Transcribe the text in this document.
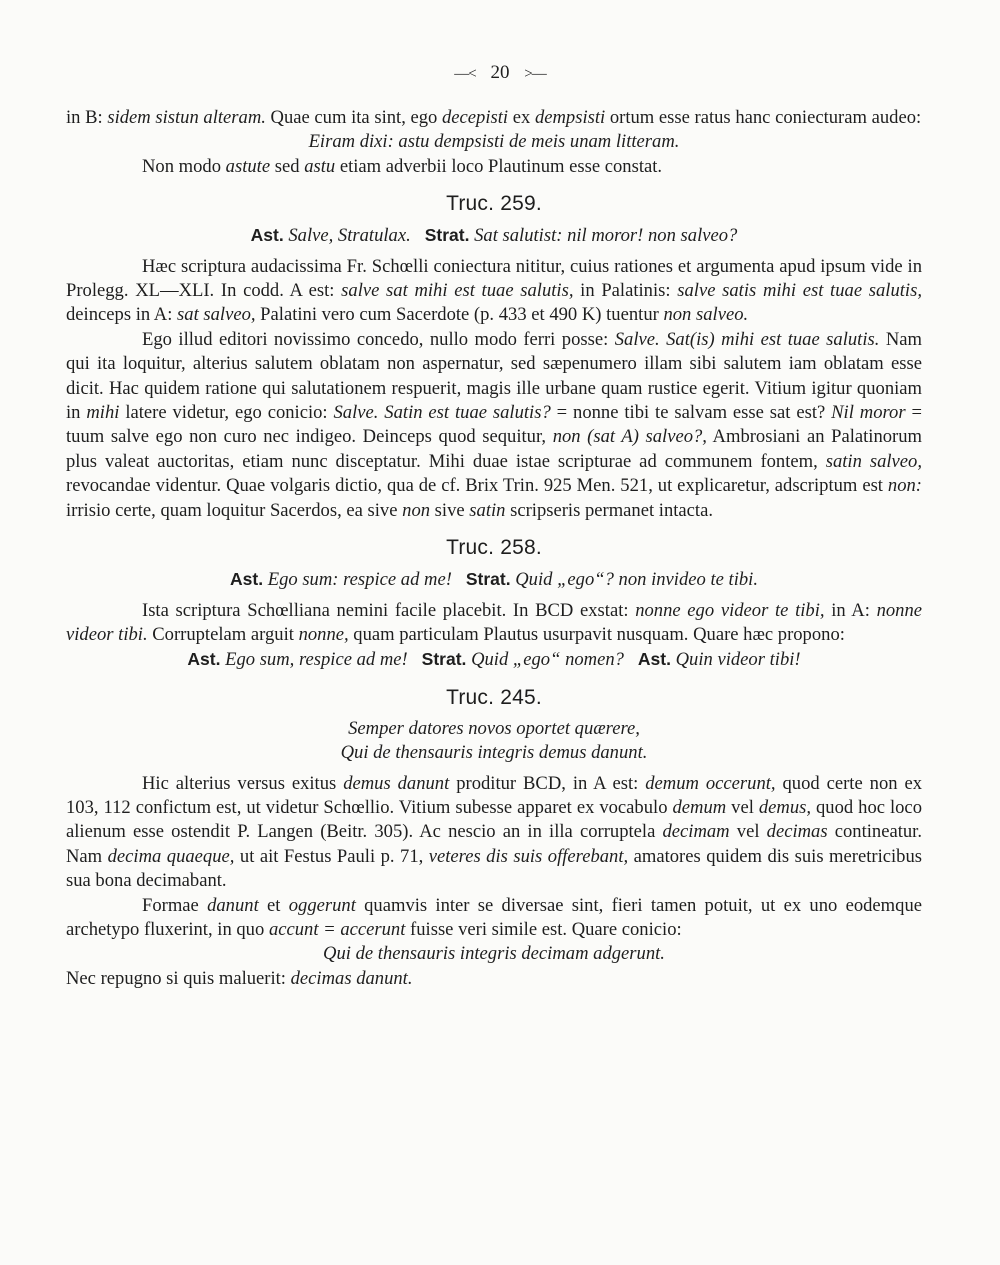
—< 20 >—

in B: sidem sistun alteram. Quae cum ita sint, ego decepisti ex dempsisti ortum esse ratus hanc coniecturam audeo:

Eiram dixi: astu dempsisti de meis unam litteram.

Non modo astute sed astu etiam adverbii loco Plautinum esse constat.

Truc. 259.

Ast. Salve, Stratulax. Strat. Sat salutist: nil moror! non salveo?

Hæc scriptura audacissima Fr. Schœlli coniectura nititur, cuius rationes et argumenta apud ipsum vide in Prolegg. XL—XLI. In codd. A est: salve sat mihi est tuae salutis, in Palatinis: salve satis mihi est tuae salutis, deinceps in A: sat salveo, Palatini vero cum Sacerdote (p. 433 et 490 K) tuentur non salveo.

Ego illud editori novissimo concedo, nullo modo ferri posse: Salve. Sat(is) mihi est tuae salutis. Nam qui ita loquitur, alterius salutem oblatam non aspernatur, sed sæpenumero illam sibi salutem iam oblatam esse dicit. Hac quidem ratione qui salutationem respuerit, magis ille urbane quam rustice egerit. Vitium igitur quoniam in mihi latere videtur, ego conicio: Salve. Satin est tuae salutis? = nonne tibi te salvam esse sat est? Nil moror = tuum salve ego non curo nec indigeo. Deinceps quod sequitur, non (sat A) salveo?, Ambrosiani an Palatinorum plus valeat auctoritas, etiam nunc disceptatur. Mihi duae istae scripturae ad communem fontem, satin salveo, revocandae videntur. Quae volgaris dictio, qua de cf. Brix Trin. 925 Men. 521, ut explicaretur, adscriptum est non: irrisio certe, quam loquitur Sacerdos, ea sive non sive satin scripseris permanet intacta.

Truc. 258.

Ast. Ego sum: respice ad me! Strat. Quid „ego“? non invideo te tibi.

Ista scriptura Schœlliana nemini facile placebit. In BCD exstat: nonne ego videor te tibi, in A: nonne videor tibi. Corruptelam arguit nonne, quam particulam Plautus usurpavit nusquam. Quare hæc propono:

Ast. Ego sum, respice ad me! Strat. Quid „ego“ nomen? Ast. Quin videor tibi!

Truc. 245.

Semper datores novos oportet quærere,

Qui de thensauris integris demus danunt.

Hic alterius versus exitus demus danunt proditur BCD, in A est: demum occerunt, quod certe non ex 103, 112 confictum est, ut videtur Schœllio. Vitium subesse apparet ex vocabulo demum vel demus, quod hoc loco alienum esse ostendit P. Langen (Beitr. 305). Ac nescio an in illa corruptela decimam vel decimas contineatur. Nam decima quaeque, ut ait Festus Pauli p. 71, veteres dis suis offerebant, amatores quidem dis suis meretricibus sua bona decimabant.

Formae danunt et oggerunt quamvis inter se diversae sint, fieri tamen potuit, ut ex uno eodemque archetypo fluxerint, in quo accunt = accerunt fuisse veri simile est. Quare conicio:

Qui de thensauris integris decimam adgerunt.

Nec repugno si quis maluerit: decimas danunt.
